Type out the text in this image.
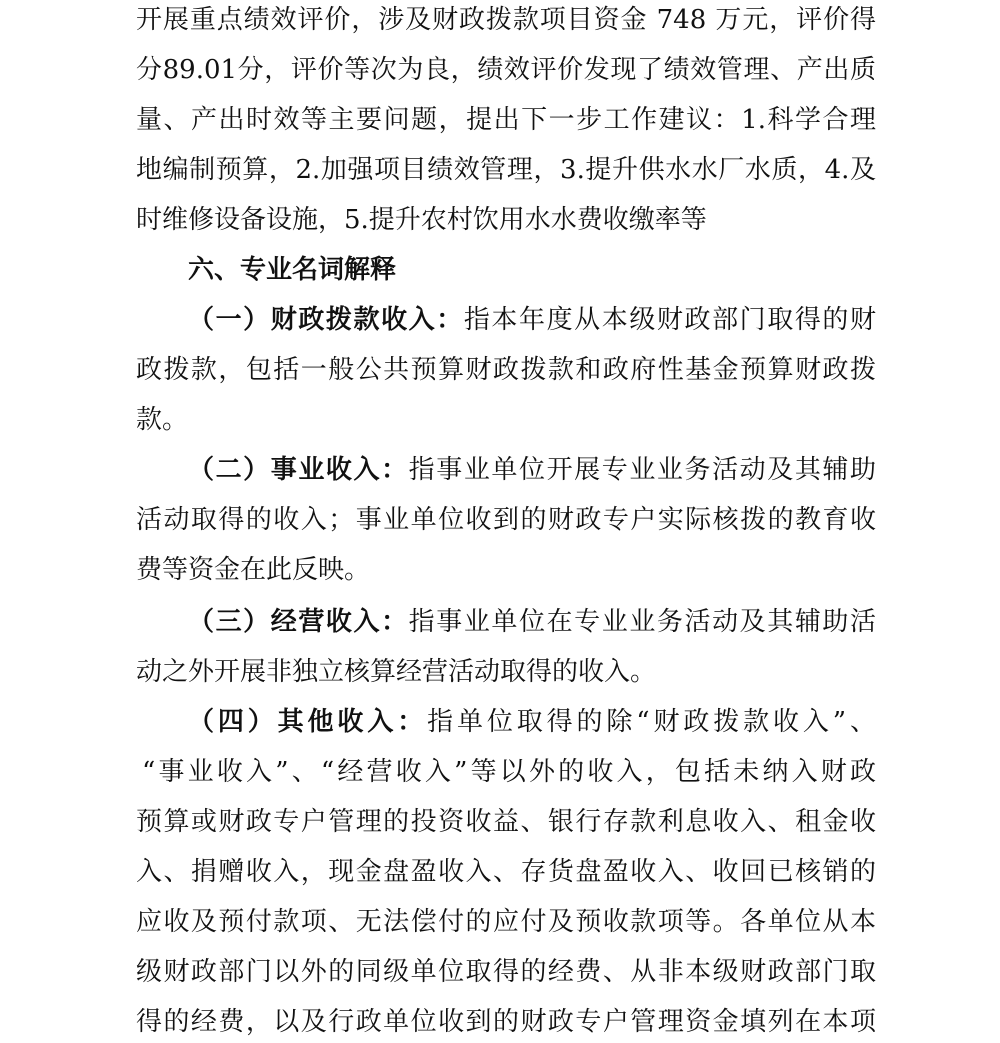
开展重点绩效评价，涉及财政拨款项目资金 748 万元，评价得
分89.01分，评价等次为良，绩效评价发现了绩效管理、产出质
量、产出时效等主要问题，提出下一步工作建议：1.科学合理
地编制预算，2.加强项目绩效管理，3.提升供水水厂水质，4.及
时维修设备设施，5.提升农村饮用水水费收缴率等
六、专业名词解释
（一）财政拨款收入：指本年度从本级财政部门取得的财
政拨款，包括一般公共预算财政拨款和政府性基金预算财政拨
款。
（二）事业收入：指事业单位开展专业业务活动及其辅助
活动取得的收入；事业单位收到的财政专户实际核拨的教育收
费等资金在此反映。
（三）经营收入：指事业单位在专业业务活动及其辅助活
动之外开展非独立核算经营活动取得的收入。
（四）其他收入：指单位取得的除“财政拨款收入”、
“事业收入”、“经营收入”等以外的收入，包括未纳入财政
预算或财政专户管理的投资收益、银行存款利息收入、租金收
入、捐赠收入，现金盘盈收入、存货盘盈收入、收回已核销的
应收及预付款项、无法偿付的应付及预收款项等。各单位从本
级财政部门以外的同级单位取得的经费、从非本级财政部门取
得的经费，以及行政单位收到的财政专户管理资金填列在本项
